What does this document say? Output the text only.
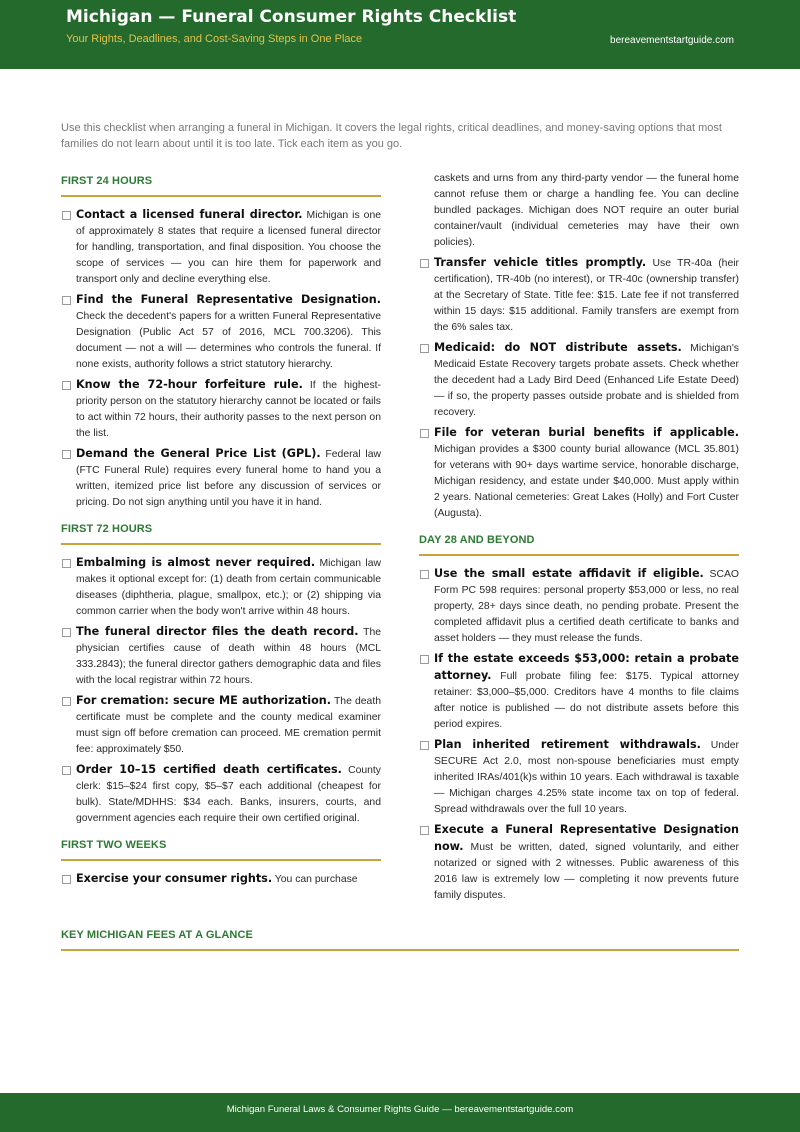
Michigan — Funeral Consumer Rights Checklist
Your Rights, Deadlines, and Cost-Saving Steps in One Place	bereavementstartguide.com
Use this checklist when arranging a funeral in Michigan. It covers the legal rights, critical deadlines, and money-saving options that most families do not learn about until it is too late. Tick each item as you go.
FIRST 24 HOURS
Contact a licensed funeral director. Michigan is one of approximately 8 states that require a licensed funeral director for handling, transportation, and final disposition. You choose the scope of services — you can hire them for paperwork and transport only and decline everything else.
Find the Funeral Representative Designation. Check the decedent's papers for a written Funeral Representative Designation (Public Act 57 of 2016, MCL 700.3206). This document — not a will — determines who controls the funeral. If none exists, authority follows a strict statutory hierarchy.
Know the 72-hour forfeiture rule. If the highest-priority person on the statutory hierarchy cannot be located or fails to act within 72 hours, their authority passes to the next person on the list.
Demand the General Price List (GPL). Federal law (FTC Funeral Rule) requires every funeral home to hand you a written, itemized price list before any discussion of services or pricing. Do not sign anything until you have it in hand.
FIRST 72 HOURS
Embalming is almost never required. Michigan law makes it optional except for: (1) death from certain communicable diseases (diphtheria, plague, smallpox, etc.); or (2) shipping via common carrier when the body won't arrive within 48 hours.
The funeral director files the death record. The physician certifies cause of death within 48 hours (MCL 333.2843); the funeral director gathers demographic data and files with the local registrar within 72 hours.
For cremation: secure ME authorization. The death certificate must be complete and the county medical examiner must sign off before cremation can proceed. ME cremation permit fee: approximately $50.
Order 10–15 certified death certificates. County clerk: $15–$24 first copy, $5–$7 each additional (cheapest for bulk). State/MDHHS: $34 each. Banks, insurers, courts, and government agencies each require their own certified original.
FIRST TWO WEEKS
Exercise your consumer rights. You can purchase
caskets and urns from any third-party vendor — the funeral home cannot refuse them or charge a handling fee. You can decline bundled packages. Michigan does NOT require an outer burial container/vault (individual cemeteries may have their own policies).
Transfer vehicle titles promptly. Use TR-40a (heir certification), TR-40b (no interest), or TR-40c (ownership transfer) at the Secretary of State. Title fee: $15. Late fee if not transferred within 15 days: $15 additional. Family transfers are exempt from the 6% sales tax.
Medicaid: do NOT distribute assets. Michigan's Medicaid Estate Recovery targets probate assets. Check whether the decedent had a Lady Bird Deed (Enhanced Life Estate Deed) — if so, the property passes outside probate and is shielded from recovery.
File for veteran burial benefits if applicable. Michigan provides a $300 county burial allowance (MCL 35.801) for veterans with 90+ days wartime service, honorable discharge, Michigan residency, and estate under $40,000. Must apply within 2 years. National cemeteries: Great Lakes (Holly) and Fort Custer (Augusta).
DAY 28 AND BEYOND
Use the small estate affidavit if eligible. SCAO Form PC 598 requires: personal property $53,000 or less, no real property, 28+ days since death, no pending probate. Present the completed affidavit plus a certified death certificate to banks and asset holders — they must release the funds.
If the estate exceeds $53,000: retain a probate attorney. Full probate filing fee: $175. Typical attorney retainer: $3,000–$5,000. Creditors have 4 months to file claims after notice is published — do not distribute assets before this period expires.
Plan inherited retirement withdrawals. Under SECURE Act 2.0, most non-spouse beneficiaries must empty inherited IRAs/401(k)s within 10 years. Each withdrawal is taxable — Michigan charges 4.25% state income tax on top of federal. Spread withdrawals over the full 10 years.
Execute a Funeral Representative Designation now. Must be written, dated, signed voluntarily, and either notarized or signed with 2 witnesses. Public awareness of this 2016 law is extremely low — completing it now prevents future family disputes.
KEY MICHIGAN FEES AT A GLANCE
Michigan Funeral Laws & Consumer Rights Guide — bereavementstartguide.com
